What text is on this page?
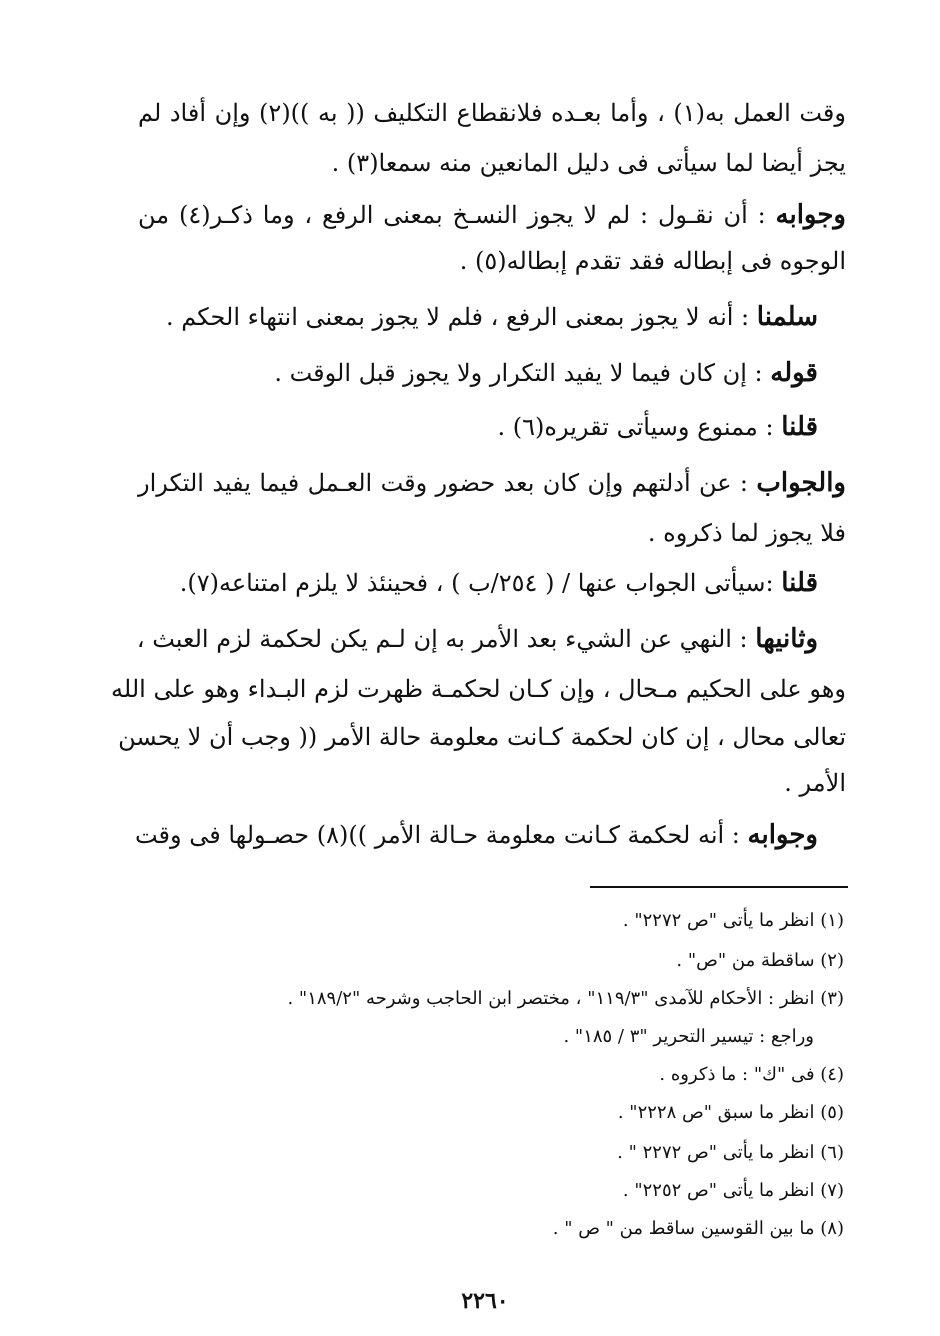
وقت العمل به(١) ، وأما بعـده فلانقطاع التكليف (( به ))(٢) وإن أفاد لم
يجز أيضا لما سيأتى فى دليل المانعين منه سمعا(٣) .
وجوابه : أن نقـول : لم لا يجوز النسـخ بمعنى الرفع ، وما ذكـر(٤) من
الوجوه فى إبطاله فقد تقدم إبطاله(٥) .
سلمنا : أنه لا يجوز بمعنى الرفع ، فلم لا يجوز بمعنى انتهاء الحكم .
قوله : إن كان فيما لا يفيد التكرار ولا يجوز قبل الوقت .
قلنا : ممنوع وسيأتى تقريره(٦) .
والجواب : عن أدلتهم وإن كان بعد حضور وقت العـمل فيما يفيد التكرار
فلا يجوز لما ذكروه .
قلنا :سيأتى الجواب عنها / ( ٢٥٤/ب ) ، فحينئذ لا يلزم امتناعه(٧).
وثانيها : النهي عن الشيء بعد الأمر به إن لـم يكن لحكمة لزم العبث ،
وهو على الحكيم مـحال ، وإن كـان لحكمـة ظهرت لزم البـداء وهو على الله
تعالى محال ، إن كان لحكمة كـانت معلومة حالة الأمر (( وجب أن لا يحسن
الأمر .
وجوابه : أنه لحكمة كـانت معلومة حـالة الأمر ))(٨) حصـولها فى وقت
(١) انظر ما يأتى "ص ٢٢٧٢" .
(٢) ساقطة من "ص" .
(٣) انظر : الأحكام للآمدى "١١٩/٣" ، مختصر ابن الحاجب وشرحه "١٨٩/٢" .
وراجع : تيسير التحرير "٣ / ١٨٥" .
(٤) فى "ك" : ما ذكروه .
(٥) انظر ما سبق "ص ٢٢٢٨" .
(٦) انظر ما يأتى "ص ٢٢٧٢ " .
(٧) انظر ما يأتى "ص ٢٢٥٢" .
(٨) ما بين القوسين ساقط من " ص " .
٢٢٦٠
